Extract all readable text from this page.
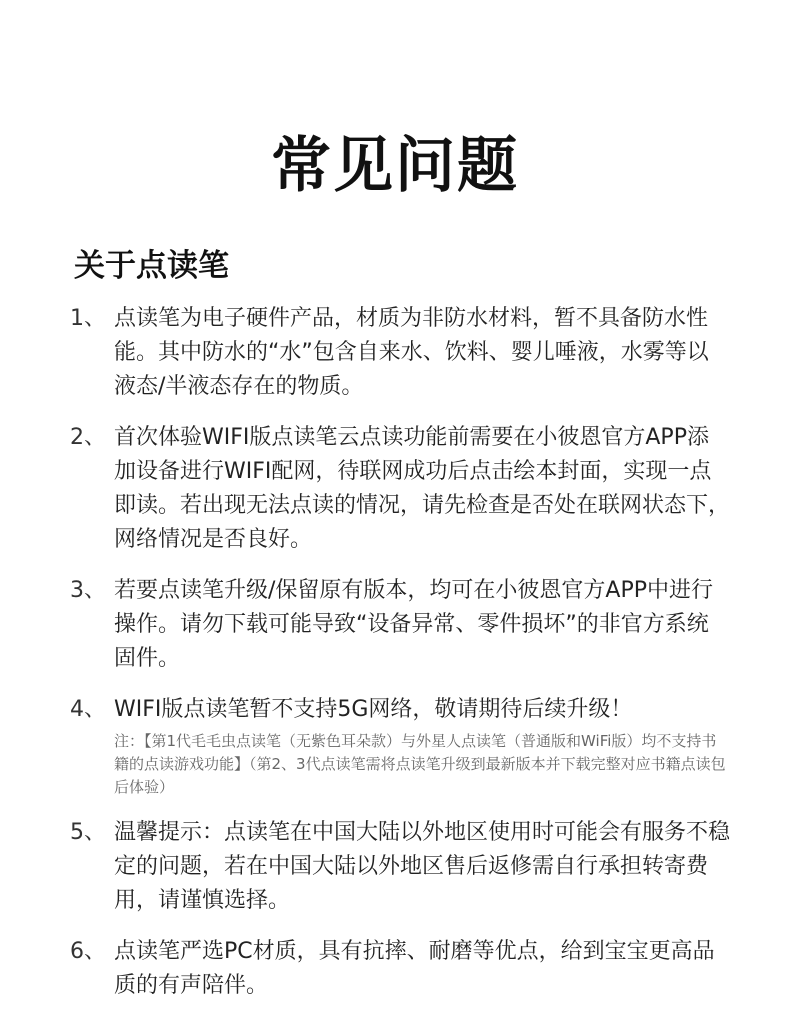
常见问题
关于点读笔
1、 点读笔为电子硬件产品，材质为非防水材料，暂不具备防水性能。其中防水的“水”包含自来水、饮料、婴儿唾液，水雾等以液态/半液态存在的物质。
2、 首次体验WIFI版点读笔云点读功能前需要在小彼恩官方APP添加设备进行WIFI配网，待联网成功后点击绘本封面，实现一点即读。若出现无法点读的情况，请先检查是否处在联网状态下，网络情况是否良好。
3、 若要点读笔升级/保留原有版本，均可在小彼恩官方APP中进行操作。请勿下载可能导致“设备异常、零件损坏”的非官方系统固件。
4、 WIFI版点读笔暂不支持5G网络，敬请期待后续升级！
注：【第1代毛毛虫点读笔（无紫色耳朵款）与外星人点读笔（普通版和WiFi版）均不支持书籍的点读游戏功能】（第2、3代点读笔需将点读笔升级到最新版本并下载完整对应书籍点读包后体验）
5、 温馨提示：点读笔在中国大陆以外地区使用时可能会有服务不稳定的问题，若在中国大陆以外地区售后返修需自行承担转寄费用，请谨慎选择。
6、 点读笔严选PC材质，具有抗摔、耐磨等优点，给到宝宝更高品质的有声陪伴。
